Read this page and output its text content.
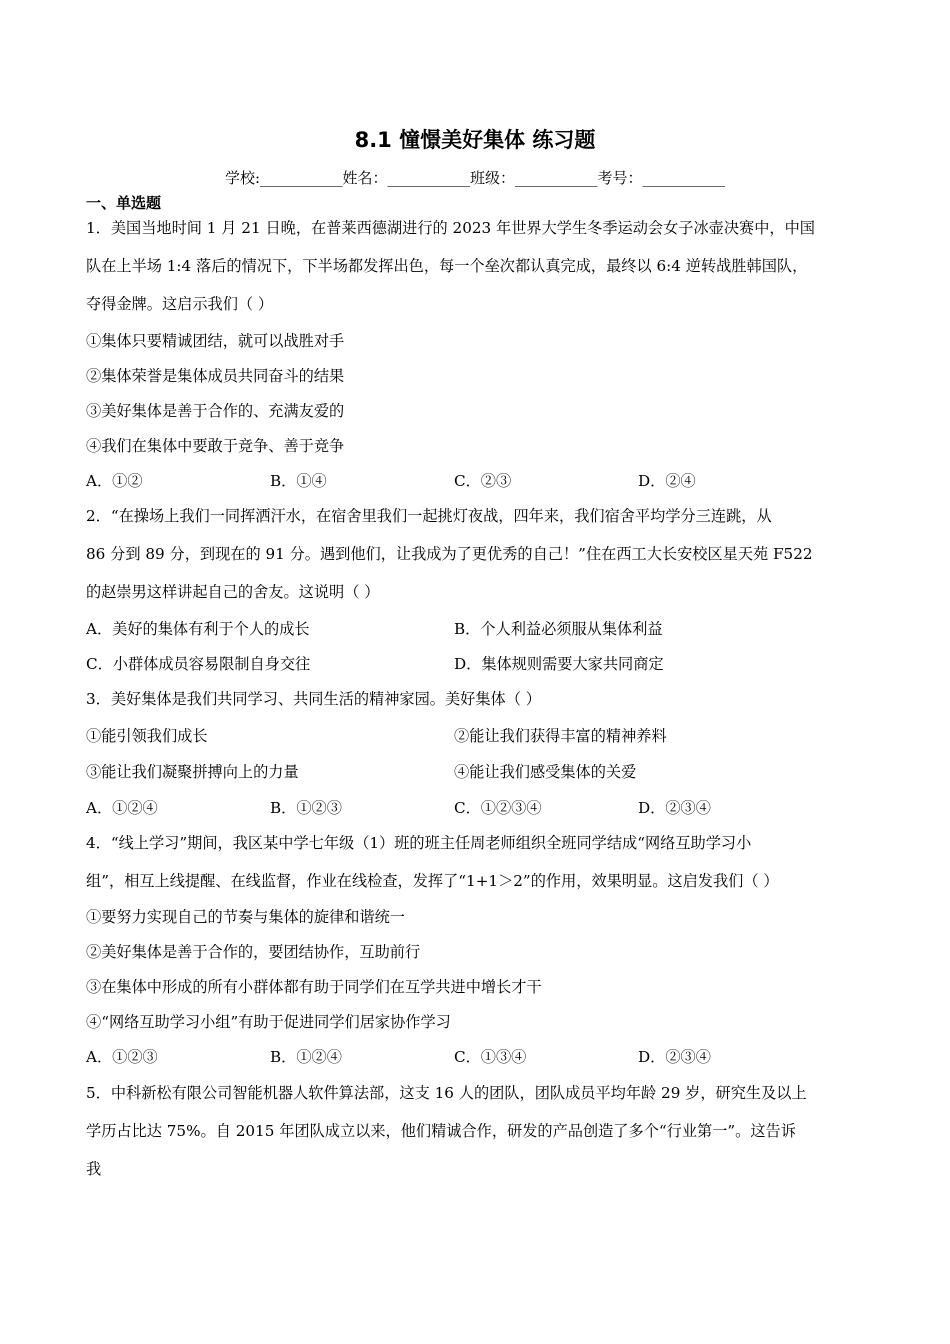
8.1 憧憬美好集体 练习题
学校:___________姓名：___________班级：___________考号：___________
一、单选题
1．美国当地时间 1 月 21 日晚，在普莱西德湖进行的 2023 年世界大学生冬季运动会女子冰壶决赛中，中国
队在上半场 1:4 落后的情况下，下半场都发挥出色，每一个垒次都认真完成，最终以 6:4 逆转战胜韩国队，
夺得金牌。这启示我们（ ）
①集体只要精诚团结，就可以战胜对手
②集体荣誉是集体成员共同奋斗的结果
③美好集体是善于合作的、充满友爱的
④我们在集体中要敢于竞争、善于竞争
A．①②	B．①④	C．②③	D．②④
2．“在操场上我们一同挥洒汗水，在宿舍里我们一起挑灯夜战，四年来，我们宿舍平均学分三连跳，从
86 分到 89 分，到现在的 91 分。遇到他们，让我成为了更优秀的自己！”住在西工大长安校区星天苑 F522
的赵崇男这样讲起自己的舍友。这说明（ ）
A．美好的集体有利于个人的成长	B．个人利益必须服从集体利益
C．小群体成员容易限制自身交往	D．集体规则需要大家共同商定
3．美好集体是我们共同学习、共同生活的精神家园。美好集体（ ）
①能引领我们成长	②能让我们获得丰富的精神养料
③能让我们凝聚拼搏向上的力量	④能让我们感受集体的关爱
A．①②④	B．①②③	C．①②③④	D．②③④
4．“线上学习”期间，我区某中学七年级（1）班的班主任周老师组织全班同学结成“网络互助学习小
组”，相互上线提醒、在线监督，作业在线检查，发挥了“1+1＞2”的作用，效果明显。这启发我们（ ）
①要努力实现自己的节奏与集体的旋律和谐统一
②美好集体是善于合作的，要团结协作，互助前行
③在集体中形成的所有小群体都有助于同学们在互学共进中增长才干
④“网络互助学习小组”有助于促进同学们居家协作学习
A．①②③	B．①②④	C．①③④	D．②③④
5．中科新松有限公司智能机器人软件算法部，这支 16 人的团队，团队成员平均年龄 29 岁，研究生及以上
学历占比达 75%。自 2015 年团队成立以来，他们精诚合作，研发的产品创造了多个“行业第一”。这告诉
我
